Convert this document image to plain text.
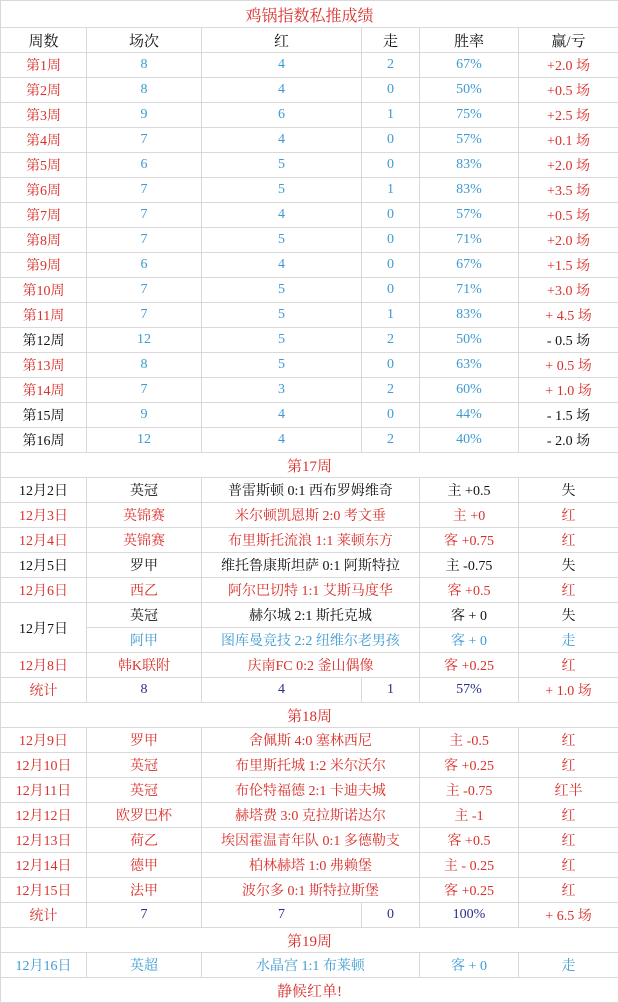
鸡锅指数私推成绩					
周数	场次	红	走	胜率	赢/亏
第1周	8	4	2	67%	+2.0 场
第2周	8	4	0	50%	+0.5 场
第3周	9	6	1	75%	+2.5 场
第4周	7	4	0	57%	+0.1 场
第5周	6	5	0	83%	+2.0 场
第6周	7	5	1	83%	+3.5 场
第7周	7	4	0	57%	+0.5 场
第8周	7	5	0	71%	+2.0 场
第9周	6	4	0	67%	+1.5 场
第10周	7	5	0	71%	+3.0 场
第11周	7	5	1	83%	+ 4.5 场
第12周	12	5	2	50%	- 0.5 场
第13周	8	5	0	63%	+ 0.5 场
第14周	7	3	2	60%	+ 1.0 场
第15周	9	4	0	44%	- 1.5 场
第16周	12	4	2	40%	- 2.0 场
第17周					
12月2日	英冠	普雷斯顿 0:1 西布罗姆维奇		主 +0.5	失
12月3日	英锦赛	米尔顿凯恩斯 2:0 考文垂		主 +0	红
12月4日	英锦赛	布里斯托流浪 1:1 莱顿东方		客 +0.75	红
12月5日	罗甲	维托鲁康斯坦萨 0:1 阿斯特拉		主 -0.75	失
12月6日	西乙	阿尔巴切特 1:1 艾斯马度华		客 +0.5	红
12月7日	英冠	赫尔城 2:1 斯托克城		客 + 0	失
	阿甲	图库曼竞技 2:2 纽维尔老男孩		客 + 0	走
12月8日	韩K联附	庆南FC 0:2 釜山偶像		客 +0.25	红
统计	8	4	1	57%	+ 1.0 场
第18周					
12月9日	罗甲	舍佩斯 4:0 塞林西尼		主 -0.5	红
12月10日	英冠	布里斯托城 1:2 米尔沃尔		客 +0.25	红
12月11日	英冠	布伦特福德 2:1 卡迪夫城		主 -0.75	红半
12月12日	欧罗巴杯	赫塔费 3:0 克拉斯诺达尔		主 -1	红
12月13日	荷乙	埃因霍温青年队 0:1 多德勒支		客 +0.5	红
12月14日	德甲	柏林赫塔 1:0 弗赖堡		主 - 0.25	红
12月15日	法甲	波尔多 0:1 斯特拉斯堡		客 +0.25	红
统计	7	7	0	100%	+ 6.5 场
第19周					
12月16日	英超	水晶宫 1:1 布莱顿		客 + 0	走
静候红单!					
